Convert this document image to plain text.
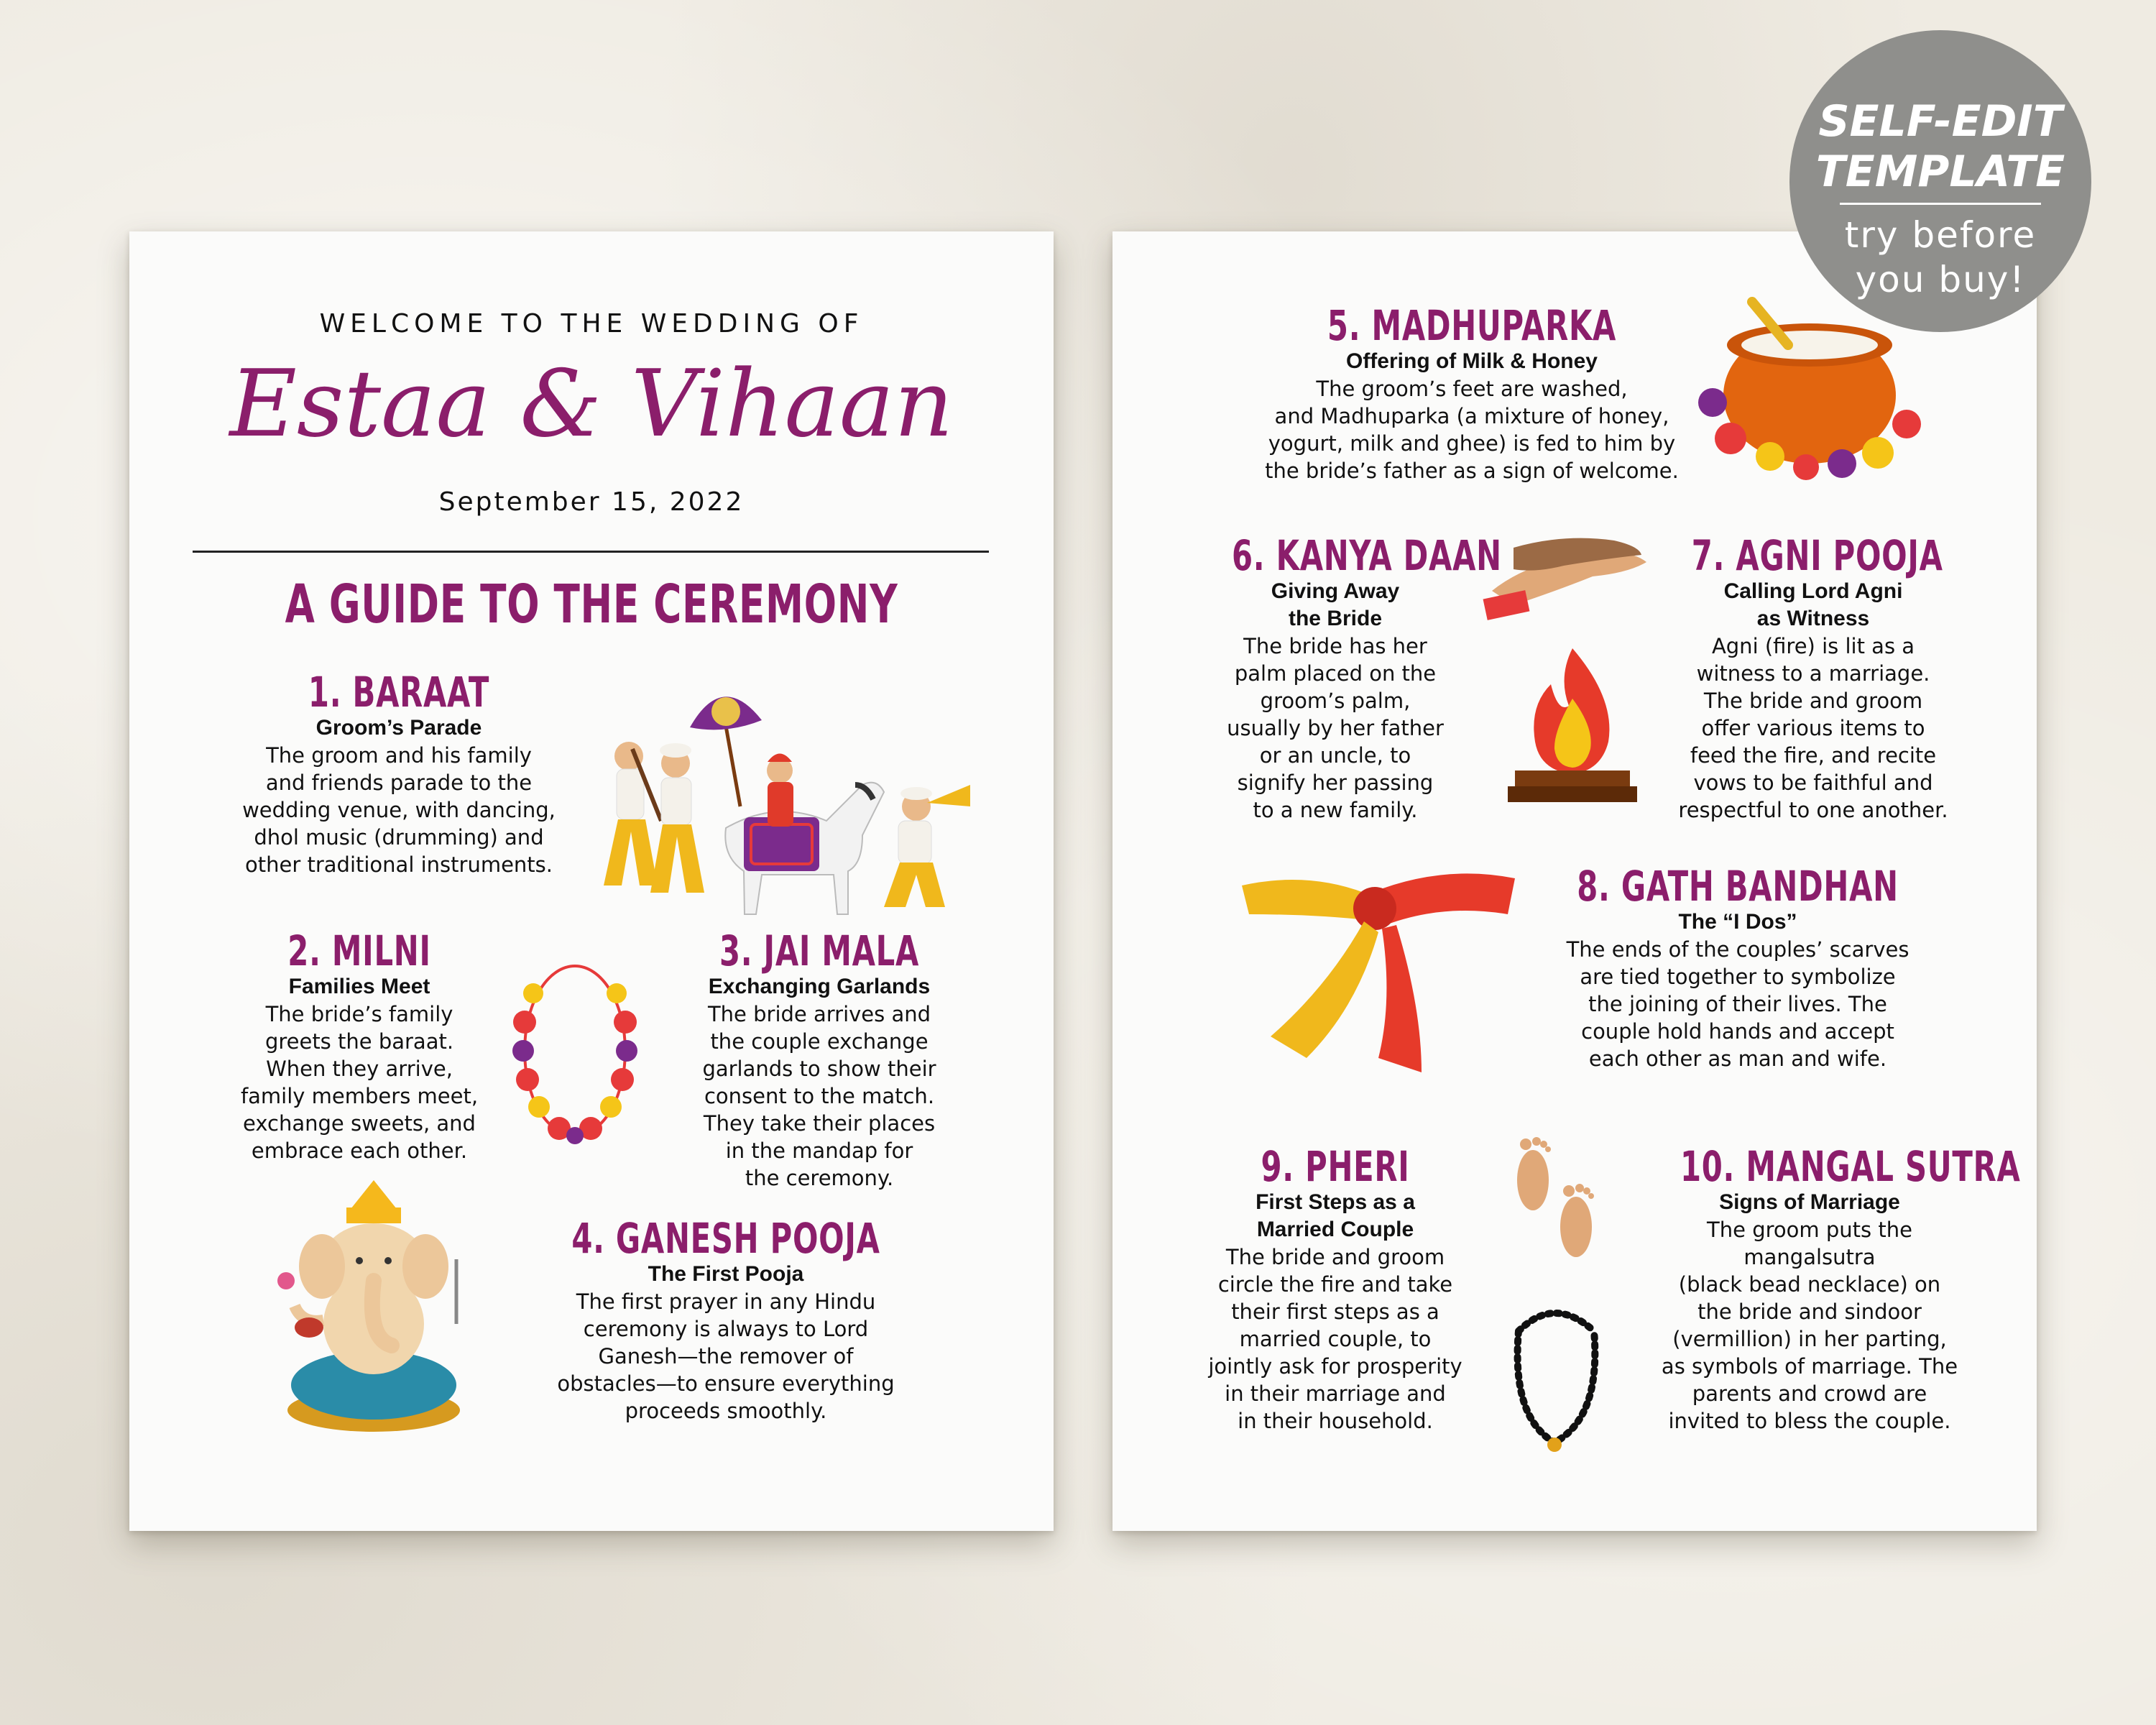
WELCOME TO THE WEDDING OF
Estaa & Vihaan
September 15, 2022
A GUIDE TO THE CEREMONY
1. BARAAT
Groom’s Parade
The groom and his family
and friends parade to the
wedding venue, with dancing,
dhol music (drumming) and
other traditional instruments.
2. MILNI
Families Meet
The bride’s family
greets the baraat.
When they arrive,
family members meet,
exchange sweets, and
embrace each other.
3. JAI MALA
Exchanging Garlands
The bride arrives and
the couple exchange
garlands to show their
consent to the match.
They take their places
in the mandap for
the ceremony.
4. GANESH POOJA
The First Pooja
The first prayer in any Hindu
ceremony is always to Lord
Ganesh—the remover of
obstacles—to ensure everything
proceeds smoothly.
5. MADHUPARKA
Offering of Milk & Honey
The groom’s feet are washed,
and Madhuparka (a mixture of honey,
yogurt, milk and ghee) is fed to him by
the bride’s father as a sign of welcome.
6. KANYA DAAN
Giving Away
the Bride
The bride has her
palm placed on the
groom’s palm,
usually by her father
or an uncle, to
signify her passing
to a new family.
7. AGNI POOJA
Calling Lord Agni
as Witness
Agni (fire) is lit as a
witness to a marriage.
The bride and groom
offer various items to
feed the fire, and recite
vows to be faithful and
respectful to one another.
8. GATH BANDHAN
The “I Dos”
The ends of the couples’ scarves
are tied together to symbolize
the joining of their lives. The
couple hold hands and accept
each other as man and wife.
9. PHERI
First Steps as a
Married Couple
The bride and groom
circle the fire and take
their first steps as a
married couple, to
jointly ask for prosperity
in their marriage and
in their household.
10. MANGAL SUTRA
Signs of Marriage
The groom puts the
mangalsutra
(black bead necklace) on
the bride and sindoor
(vermillion) in her parting,
as symbols of marriage. The
parents and crowd are
invited to bless the couple.
SELF-EDIT
TEMPLATE
try before
you buy!
